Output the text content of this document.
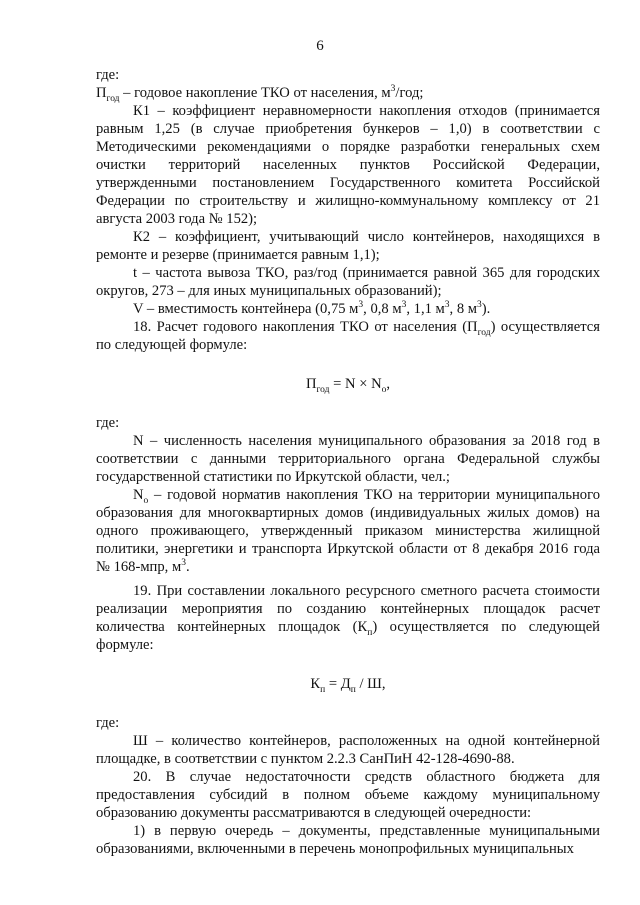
6

где:

$П_{год}$ – годовое накопление ТКО от населения, $м^3$/год;

К1 – коэффициент неравномерности накопления отходов (принимается равным 1,25 (в случае приобретения бункеров – 1,0) в соответствии с Методическими рекомендациями о порядке разработки генеральных схем очистки территорий населенных пунктов Российской Федерации, утвержденными постановлением Государственного комитета Российской Федерации по строительству и жилищно-коммунальному комплексу от 21 августа 2003 года № 152);

К2 – коэффициент, учитывающий число контейнеров, находящихся в ремонте и резерве (принимается равным 1,1);

t – частота вывоза ТКО, раз/год (принимается равной 365 для городских округов, 273 – для иных муниципальных образований);

V – вместимость контейнера (0,75 $м^3$, 0,8 $м^3$, 1,1 $м^3$, 8 $м^3$).

18. Расчет годового накопления ТКО от населения $(П_{год})$ осуществляется по следующей формуле:

$П_{год} = N \times N_o$,

где:

N – численность населения муниципального образования за 2018 год в соответствии с данными территориального органа Федеральной службы государственной статистики по Иркутской области, чел.;

$N_o$ – годовой норматив накопления ТКО на территории муниципального образования для многоквартирных домов (индивидуальных жилых домов) на одного проживающего, утвержденный приказом министерства жилищной политики, энергетики и транспорта Иркутской области от 8 декабря 2016 года № 168-мпр, $м^3$.

19. При составлении локального ресурсного сметного расчета стоимости реализации мероприятия по созданию контейнерных площадок расчет количества контейнерных площадок $(К_п)$ осуществляется по следующей формуле:

$К_п = Д_п / Ш$,

где:

Ш – количество контейнеров, расположенных на одной контейнерной площадке, в соответствии с пунктом 2.2.3 СанПиН 42-128-4690-88.

20. В случае недостаточности средств областного бюджета для предоставления субсидий в полном объеме каждому муниципальному образованию документы рассматриваются в следующей очередности:

1) в первую очередь – документы, представленные муниципальными образованиями, включенными в перечень монопрофильных муниципальных
